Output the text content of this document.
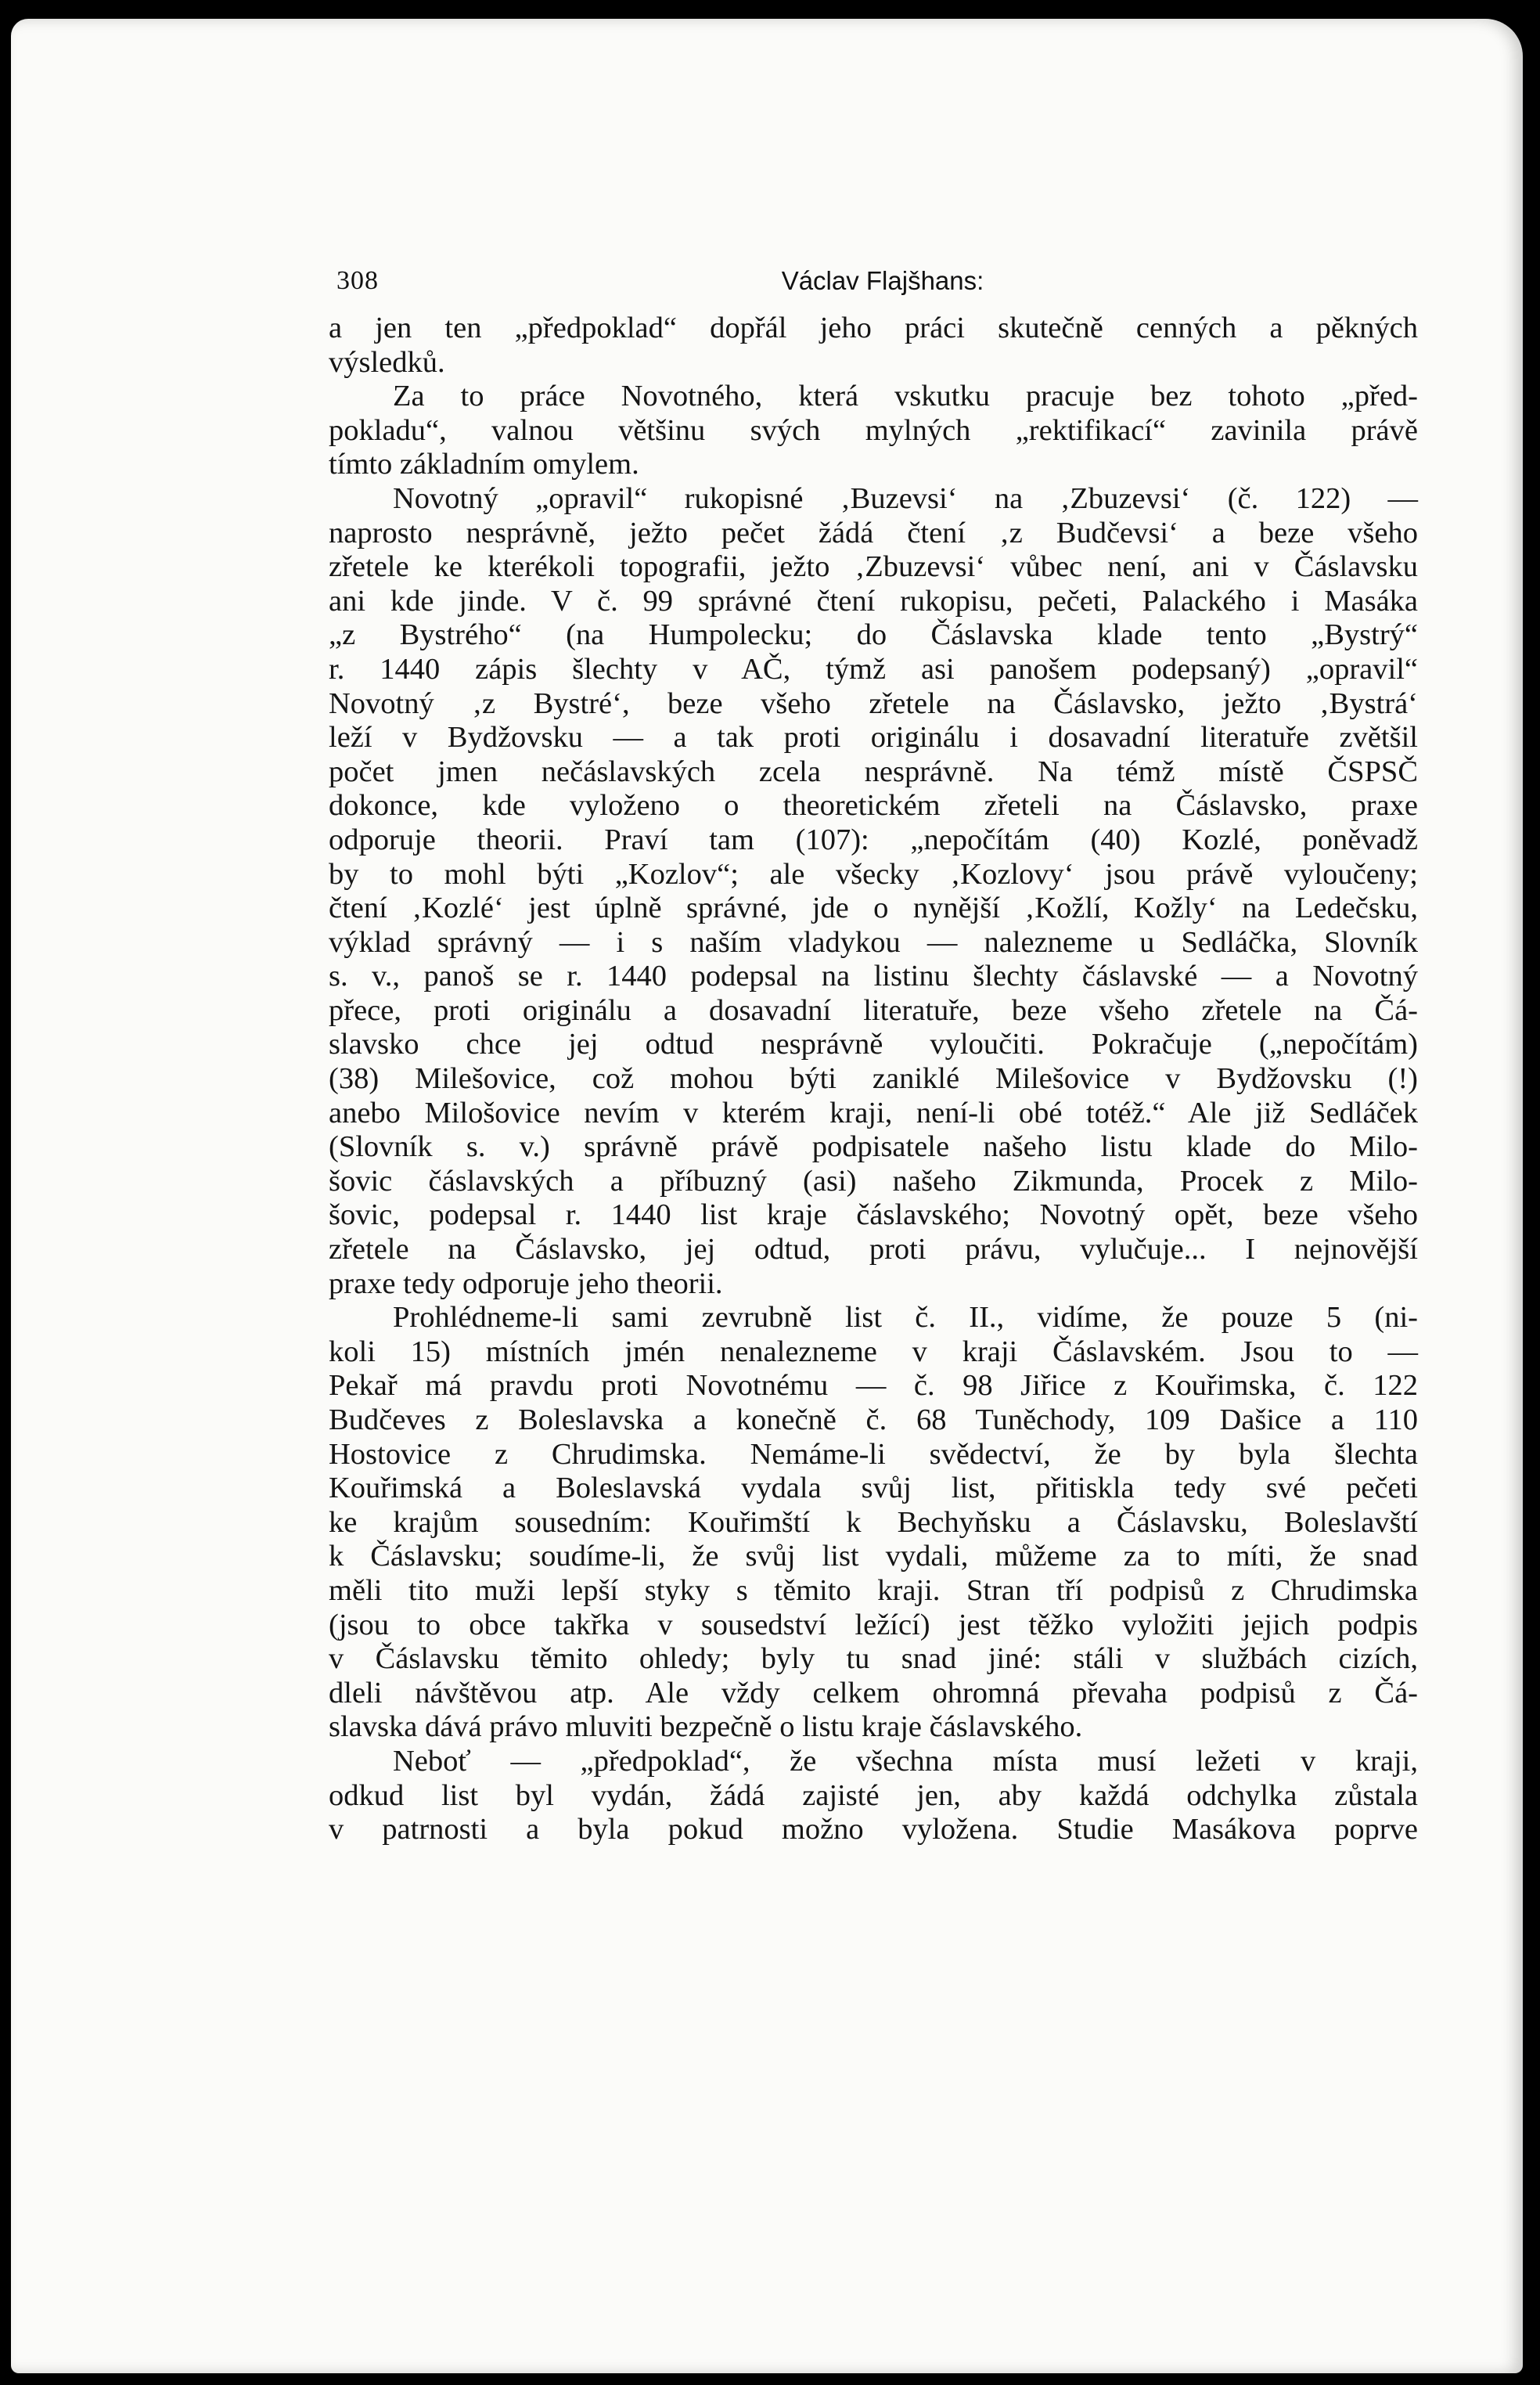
308	Václav Flajšhans:
a jen ten „předpoklad“ dopřál jeho práci skutečně cenných a pěkných
výsledků.
Za to práce Novotného, která vskutku pracuje bez tohoto „před-
pokladu“, valnou většinu svých mylných „rektifikací“ zavinila právě
tímto základním omylem.
Novotný „opravil“ rukopisné ‚Buzevsi‘ na ‚Zbuzevsi‘ (č. 122) —
naprosto nesprávně, ježto pečet žádá čtení ‚z Budčevsi‘ a beze všeho
zřetele ke kterékoli topografii, ježto ‚Zbuzevsi‘ vůbec není, ani v Čáslavsku
ani kde jinde. V č. 99 správné čtení rukopisu, pečeti, Palackého i Masáka
„z Bystrého“ (na Humpolecku; do Čáslavska klade tento „Bystrý“
r. 1440 zápis šlechty v AČ, týmž asi panošem podepsaný) „opravil“
Novotný ‚z Bystré‘, beze všeho zřetele na Čáslavsko, ježto ‚Bystrá‘
leží v Bydžovsku — a tak proti originálu i dosavadní literatuře zvětšil
počet jmen nečáslavských zcela nesprávně. Na témž místě ČSPSČ
dokonce, kde vyloženo o theoretickém zřeteli na Čáslavsko, praxe
odporuje theorii. Praví tam (107): „nepočítám (40) Kozlé, poněvadž
by to mohl býti „Kozlov“; ale všecky ‚Kozlovy‘ jsou právě vyloučeny;
čtení ‚Kozlé‘ jest úplně správné, jde o nynější ‚Kožlí, Kožly‘ na Ledečsku,
výklad správný — i s naším vladykou — nalezneme u Sedláčka, Slovník
s. v., panoš se r. 1440 podepsal na listinu šlechty čáslavské — a Novotný
přece, proti originálu a dosavadní literatuře, beze všeho zřetele na Čá-
slavsko chce jej odtud nesprávně vyloučiti. Pokračuje („nepočítám)
(38) Milešovice, což mohou býti zaniklé Milešovice v Bydžovsku (!)
anebo Milošovice nevím v kterém kraji, není-li obé totéž.“ Ale již Sedláček
(Slovník s. v.) správně právě podpisatele našeho listu klade do Milo-
šovic čáslavských a příbuzný (asi) našeho Zikmunda, Procek z Milo-
šovic, podepsal r. 1440 list kraje čáslavského; Novotný opět, beze všeho
zřetele na Čáslavsko, jej odtud, proti právu, vylučuje... I nejnovější
praxe tedy odporuje jeho theorii.
Prohlédneme-li sami zevrubně list č. II., vidíme, že pouze 5 (ni-
koli 15) místních jmén nenalezneme v kraji Čáslavském. Jsou to —
Pekař má pravdu proti Novotnému — č. 98 Jiřice z Kouřimska, č. 122
Budčeves z Boleslavska a konečně č. 68 Tuněchody, 109 Dašice a 110
Hostovice z Chrudimska. Nemáme-li svědectví, že by byla šlechta
Kouřimská a Boleslavská vydala svůj list, přitiskla tedy své pečeti
ke krajům sousedním: Kouřimští k Bechyňsku a Čáslavsku, Boleslavští
k Čáslavsku; soudíme-li, že svůj list vydali, můžeme za to míti, že snad
měli tito muži lepší styky s těmito kraji. Stran tří podpisů z Chrudimska
(jsou to obce takřka v sousedství ležící) jest těžko vyložiti jejich podpis
v Čáslavsku těmito ohledy; byly tu snad jiné: stáli v službách cizích,
dleli návštěvou atp. Ale vždy celkem ohromná převaha podpisů z Čá-
slavska dává právo mluviti bezpečně o listu kraje čáslavského.
Neboť — „předpoklad“, že všechna místa musí ležeti v kraji,
odkud list byl vydán, žádá zajisté jen, aby každá odchylka zůstala
v patrnosti a byla pokud možno vyložena. Studie Masákova poprve
